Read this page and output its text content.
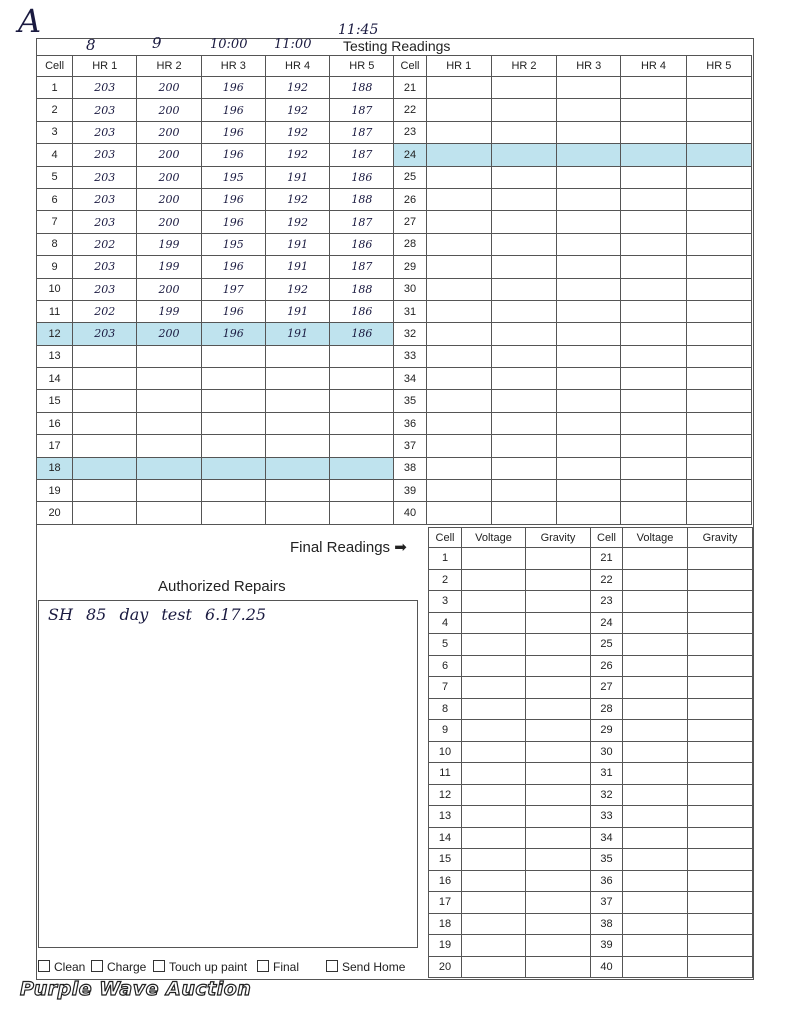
A
8	9	10:00 11:00
11:45
Testing Readings
Cell	HR 1	HR 2	HR 3	HR 4	HR 5	Cell	HR 1	HR 2	HR 3	HR 4	HR 5
1	203	200	196	192	188	21					
2	203	200	196	192	187	22					
3	203	200	196	192	187	23					
4	203	200	196	192	187	24					
5	203	200	195	191	186	25					
6	203	200	196	192	188	26					
7	203	200	196	192	187	27					
8	202	199	195	191	186	28					
9	203	199	196	191	187	29					
10	203	200	197	192	188	30					
11	202	199	196	191	186	31					
12	203	200	196	191	186	32					
13						33					
14						34					
15						35					
16						36					
17						37					
18						38					
19						39					
20						40					
Final Readings ➡
Cell	Voltage	Gravity	Cell	Voltage	Gravity
1			21		
2			22		
3			23		
4			24		
5			25		
6			26		
7			27		
8			28		
9			29		
10			30		
11			31		
12			32		
13			33		
14			34		
15			35		
16			36		
17			37		
18			38		
19			39		
20			40		
Authorized Repairs
SH 85 day test 6.17.25
Clean	Charge	Touch up paint	Final	Send Home
Purple Wave Auction
